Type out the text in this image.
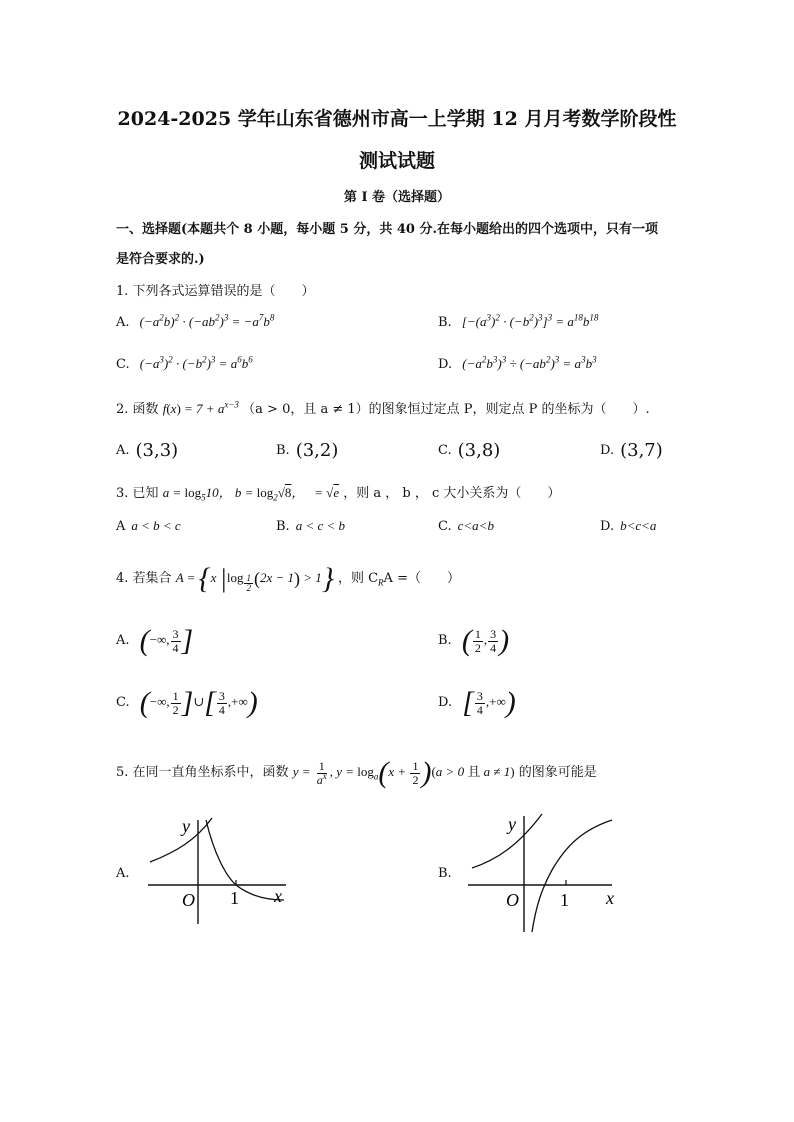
2024-2025 学年山东省德州市高一上学期 12 月月考数学阶段性
测试试题
第 I 卷（选择题）
一、选择题(本题共个 8 小题，每小题 5 分，共 40 分.在每小题给出的四个选项中，只有一项
是符合要求的.)
1. 下列各式运算错误的是（　　）
A. $(-a^2b)^2 \cdot (-ab^2)^3 = -a^7b^8$	B. $[-(a^3)^2 \cdot (-b^2)^3]^3 = a^{18}b^{18}$
C. $(-a^3)^2 \cdot (-b^2)^3 = a^6b^6$	D. $(-a^2b^3)^3 \div (-ab^2)^3 = a^3b^3$
2. 函数 $f(x) = 7 + a^{x-3}$ （a > 0，且 a ≠ 1）的图象恒过定点 P，则定点 P 的坐标为（　　）.
A. (3,3)	B. (3,2)	C. (3,8)	D. (3,7)
3. 已知 $a = \log_510$， $b = \log_2√8$，   = √e ，则 a ， b ， c 大小关系为（　　）
A a < b < c	B. a < c < b	C. c<a<b	D. b<c<a
4. 若集合 A = {x |log $_{\frac{1}{2}}$ (2x − 1) > 1} ，则 $C_RA$ =（　　）
A. (−∞, $\frac{3}{4}$ ]	B. ( $\frac{1}{2}$ , $\frac{3}{4}$ )
C. (−∞, $\frac{1}{2}$ ]∪[ $\frac{3}{4}$ ,+∞)	D. [ $\frac{3}{4}$ ,+∞)
5. 在同一直角坐标系中，函数 $y = \frac{1}{a^x}$ , $y = \log_a(x + \frac{1}{2} )(a > 0$ 且 a ≠ 1) 的图象可能是
A.
y
O 1 x
B.
y
O 1 x
